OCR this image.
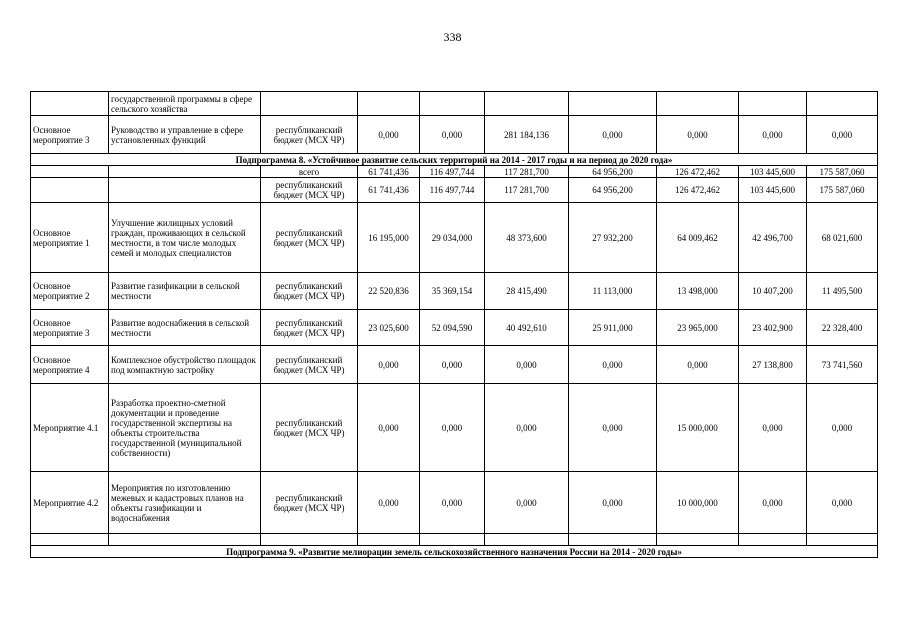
338
	государственной программы в сфере сельского хозяйства								
Основное мероприятие 3	Руководство и управление в сфере установленных функций	республиканский бюджет (МСХ ЧР)	0,000	0,000	281 184,136	0,000	0,000	0,000	0,000
Подпрограмма 8. «Устойчивое развитие сельских территорий на 2014 - 2017 годы и на период до 2020 года»									
		всего	61 741,436	116 497,744	117 281,700	64 956,200	126 472,462	103 445,600	175 587,060
		республиканский бюджет (МСХ ЧР)	61 741,436	116 497,744	117 281,700	64 956,200	126 472,462	103 445,600	175 587,060
Основное мероприятие 1	Улучшение жилищных условий граждан, проживающих в сельской местности, в том числе молодых семей и молодых специалистов	республиканский бюджет (МСХ ЧР)	16 195,000	29 034,000	48 373,600	27 932,200	64 009,462	42 496,700	68 021,600
Основное мероприятие 2	Развитие газификации в сельской местности	республиканский бюджет (МСХ ЧР)	22 520,836	35 369,154	28 415,490	11 113,000	13 498,000	10 407,200	11 495,500
Основное мероприятие 3	Развитие водоснабжения в сельской местности	республиканский бюджет (МСХ ЧР)	23 025,600	52 094,590	40 492,610	25 911,000	23 965,000	23 402,900	22 328,400
Основное мероприятие 4	Комплексное обустройство площадок под компактную застройку	республиканский бюджет (МСХ ЧР)	0,000	0,000	0,000	0,000	0,000	27 138,800	73 741,560
Мероприятие 4.1	Разработка проектно-сметной документации и проведение государственной экспертизы на объекты строительства государственной (муниципальной собственности)	республиканский бюджет (МСХ ЧР)	0,000	0,000	0,000	0,000	15 000,000	0,000	0,000
Мероприятие 4.2	Мероприятия по изготовлению межевых и кадастровых планов на объекты газификации и водоснабжения	республиканский бюджет (МСХ ЧР)	0,000	0,000	0,000	0,000	10 000,000	0,000	0,000

Подпрограмма 9. «Развитие мелиорации земель сельскохозяйственного назначения России на 2014 - 2020 годы»									
